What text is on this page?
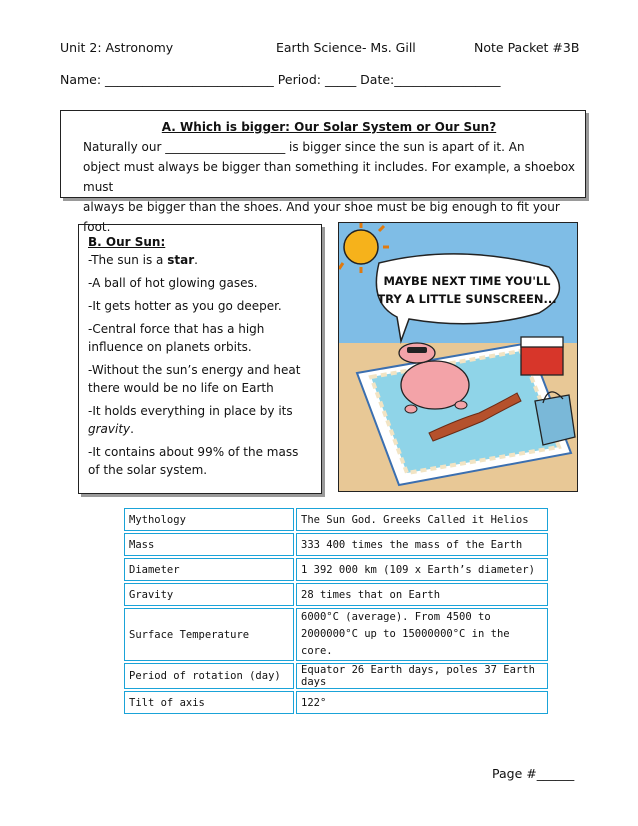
Unit 2: Astronomy	Earth Science- Ms. Gill	Note Packet #3B
Name: ___________________________ Period: _____ Date:_________________
A. Which is bigger: Our Solar System or Our Sun?
Naturally our ____________________ is bigger since the sun is apart of it. An
object must always be bigger than something it includes. For example, a shoebox must
always be bigger than the shoes. And your shoe must be big enough to fit your foot.
B. Our Sun:

-The sun is a star.

-A ball of hot glowing gases.

-It gets hotter as you go deeper.

-Central force that has a high influence on planets orbits.

-Without the sun’s energy and heat there would be no life on Earth

-It holds everything in place by its gravity.

-It contains about 99% of the mass of the solar system.

MAYBE NEXT TIME YOU'LL
TRY A LITTLE SUNSCREEN...
Mythology	The Sun God. Greeks Called it Helios
Mass	333 400 times the mass of the Earth
Diameter	1 392 000 km (109 x Earth’s diameter)
Gravity	28 times that on Earth
Surface Temperature	6000°C (average). From 4500 to 2000000°C up to 15000000°C in the core.
Period of rotation (day)	Equator 26 Earth days, poles 37 Earth days
Tilt of axis	122°
Page #______
